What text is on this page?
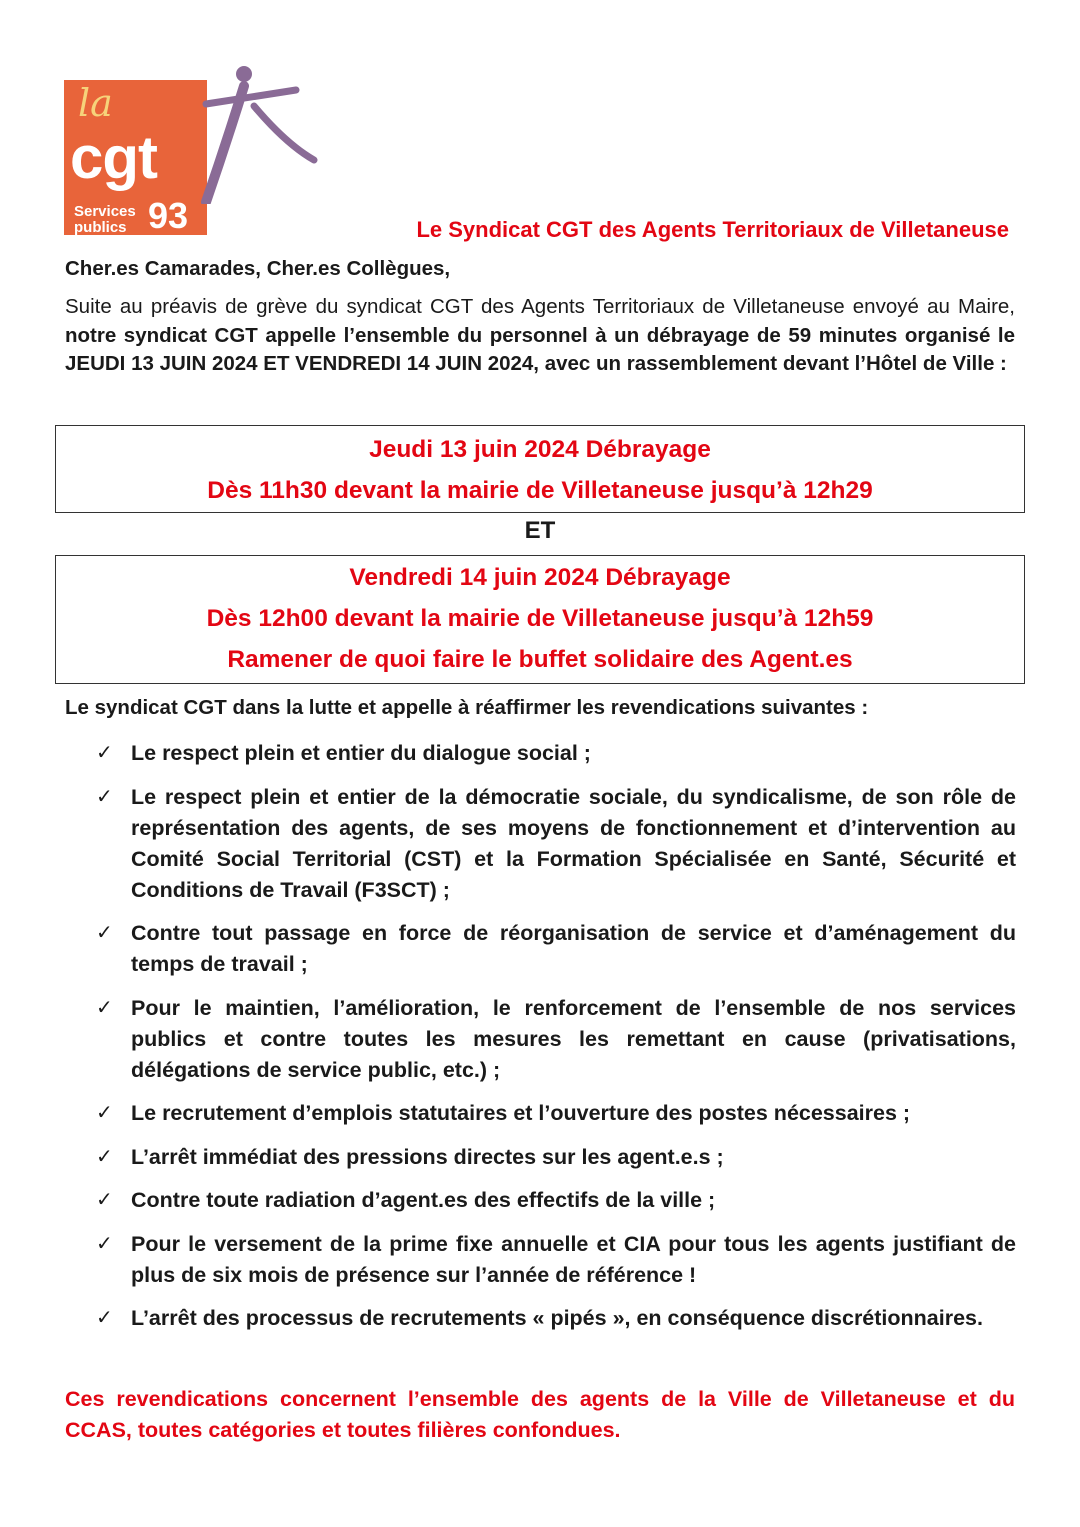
la
cgt
Services
publics 93	Le Syndicat CGT des Agents Territoriaux de Villetaneuse
Cher.es Camarades, Cher.es Collègues,
Suite au préavis de grève du syndicat CGT des Agents Territoriaux de Villetaneuse envoyé au Maire, notre syndicat CGT appelle l’ensemble du personnel à un débrayage de 59 minutes organisé le JEUDI 13 JUIN 2024 ET VENDREDI 14 JUIN 2024, avec un rassemblement devant l’Hôtel de Ville :
Jeudi 13 juin 2024 Débrayage
Dès 11h30 devant la mairie de Villetaneuse jusqu’à 12h29
ET
Vendredi 14 juin 2024 Débrayage
Dès 12h00 devant la mairie de Villetaneuse jusqu’à 12h59
Ramener de quoi faire le buffet solidaire des Agent.es
Le syndicat CGT dans la lutte et appelle à réaffirmer les revendications suivantes :
✓ Le respect plein et entier du dialogue social ;
✓ Le respect plein et entier de la démocratie sociale, du syndicalisme, de son rôle de représentation des agents, de ses moyens de fonctionnement et d’intervention au Comité Social Territorial (CST) et la Formation Spécialisée en Santé, Sécurité et Conditions de Travail (F3SCT) ;
✓ Contre tout passage en force de réorganisation de service et d’aménagement du temps de travail ;
✓ Pour le maintien, l’amélioration, le renforcement de l’ensemble de nos services publics et contre toutes les mesures les remettant en cause (privatisations, délégations de service public, etc.) ;
✓ Le recrutement d’emplois statutaires et l’ouverture des postes nécessaires ;
✓ L’arrêt immédiat des pressions directes sur les agent.e.s ;
✓ Contre toute radiation d’agent.es des effectifs de la ville ;
✓ Pour le versement de la prime fixe annuelle et CIA pour tous les agents justifiant de plus de six mois de présence sur l’année de référence !
✓ L’arrêt des processus de recrutements « pipés », en conséquence discrétionnaires.
Ces revendications concernent l’ensemble des agents de la Ville de Villetaneuse et du CCAS, toutes catégories et toutes filières confondues.
